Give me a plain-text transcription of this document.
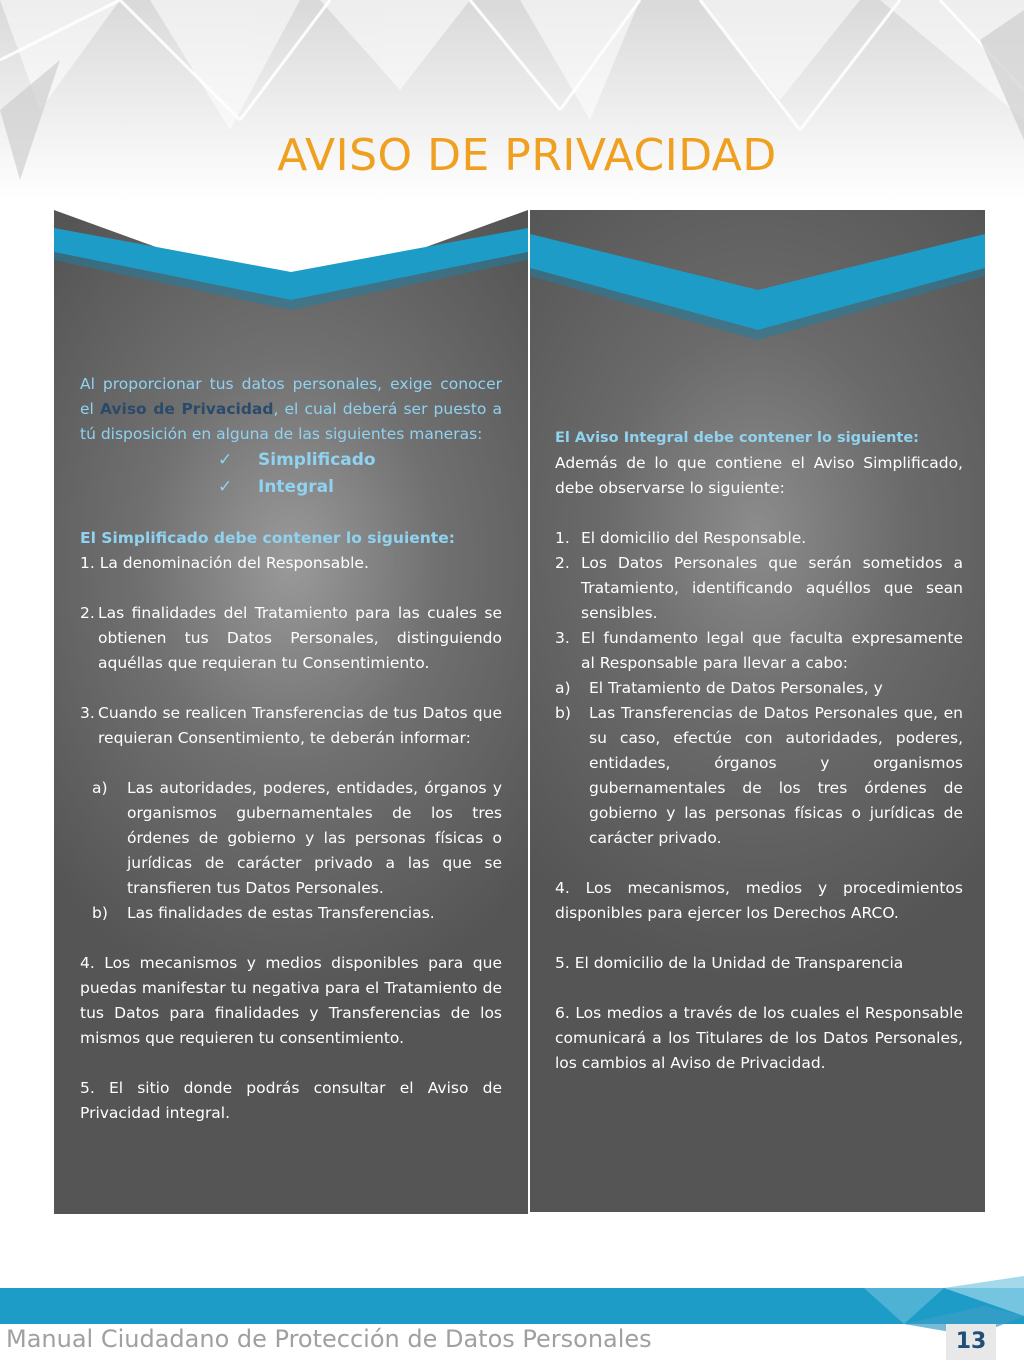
AVISO DE PRIVACIDAD

Al proporcionar tus datos personales, exige conocer el Aviso de Privacidad, el cual deberá ser puesto a tú disposición en alguna de las siguientes maneras:

✓ Simplificado
✓ Integral

El Simplificado debe contener lo siguiente:

1. La denominación del Responsable.

2. Las finalidades del Tratamiento para las cuales se obtienen tus Datos Personales, distinguiendo aquéllas que requieran tu Consentimiento.
3. Cuando se realicen Transferencias de tus Datos que requieran Consentimiento, te deberán informar:
a)	Las autoridades, poderes, entidades, órganos y organismos gubernamentales de los tres órdenes de gobierno y las personas físicas o jurídicas de carácter privado a las que se transfieren tus Datos Personales.
b)	Las finalidades de estas Transferencias.

4. Los mecanismos y medios disponibles para que puedas manifestar tu negativa para el Tratamiento de tus Datos para finalidades y Transferencias de los mismos que requieren tu consentimiento.

5. El sitio donde podrás consultar el Aviso de Privacidad integral.

El Aviso Integral debe contener lo siguiente:

Además de lo que contiene el Aviso Simplificado, debe observarse lo siguiente:

1. El domicilio del Responsable.
2. Los Datos Personales que serán sometidos a Tratamiento, identificando aquéllos que sean sensibles.
3. El fundamento legal que faculta expresamente al Responsable para llevar a cabo:
a)	El Tratamiento de Datos Personales, y
b)	Las Transferencias de Datos Personales que, en su caso, efectúe con autoridades, poderes, entidades, órganos y organismos gubernamentales de los tres órdenes de gobierno y las personas físicas o jurídicas de carácter privado.

4. Los mecanismos, medios y procedimientos disponibles para ejercer los Derechos ARCO.

5. El domicilio de la Unidad de Transparencia

6. Los medios a través de los cuales el Responsable comunicará a los Titulares de los Datos Personales, los cambios al Aviso de Privacidad.

Manual Ciudadano de Protección de Datos Personales	13
